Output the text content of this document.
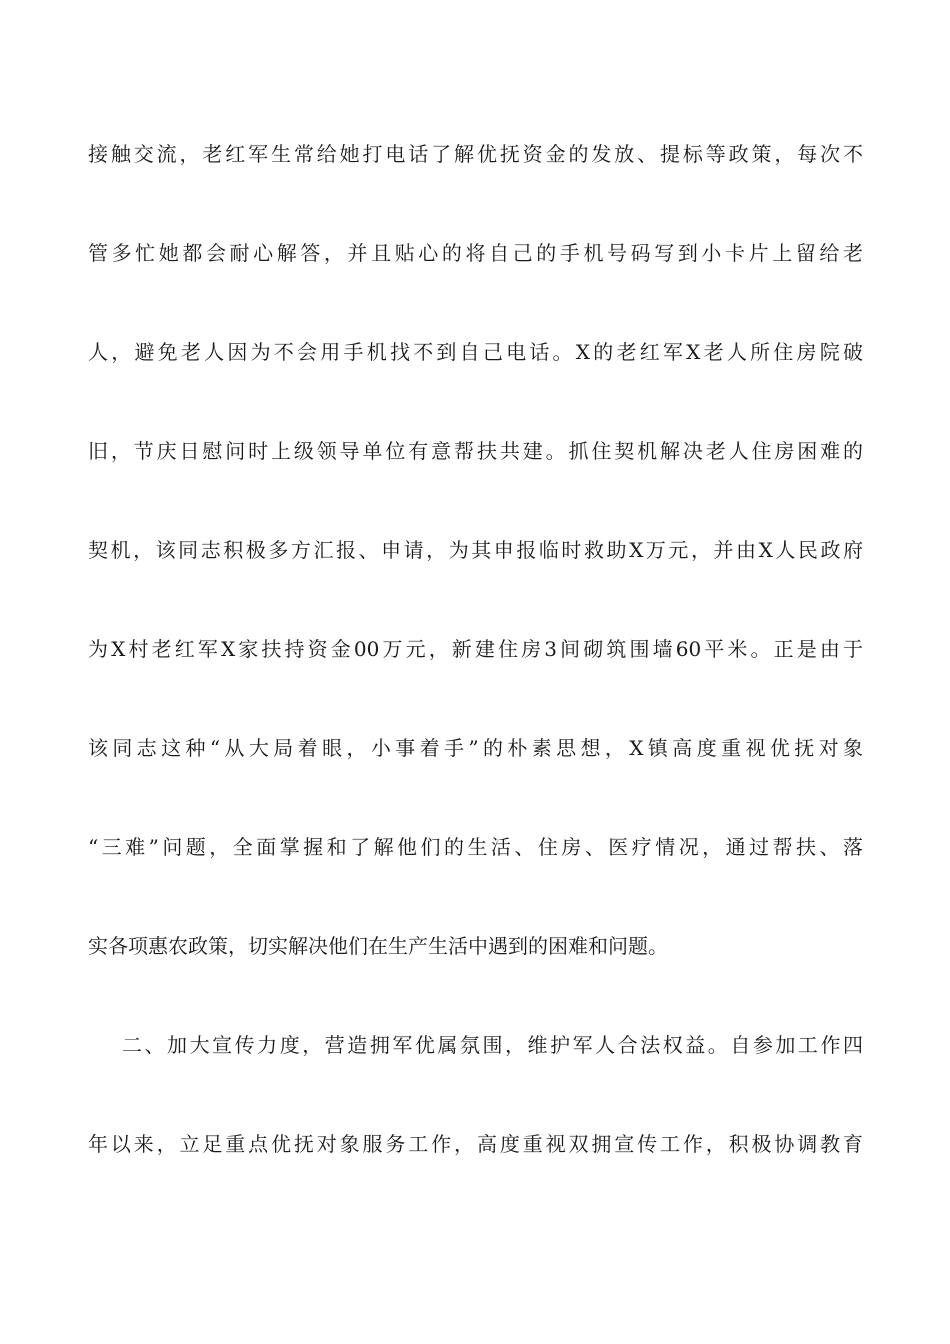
接触交流，老红军生常给她打电话了解优抚资金的发放、提标等政策，每次不
管多忙她都会耐心解答，并且贴心的将自己的手机号码写到小卡片上留给老
人，避免老人因为不会用手机找不到自己电话。X的老红军X老人所住房院破
旧，节庆日慰问时上级领导单位有意帮扶共建。抓住契机解决老人住房困难的
契机，该同志积极多方汇报、申请，为其申报临时救助X万元，并由X人民政府
为X村老红军X家扶持资金00万元，新建住房3间砌筑围墙60平米。正是由于
该同志这种“从大局着眼，小事着手”的朴素思想，X镇高度重视优抚对象
“三难”问题，全面掌握和了解他们的生活、住房、医疗情况，通过帮扶、落
实各项惠农政策，切实解决他们在生产生活中遇到的困难和问题。
二、加大宣传力度，营造拥军优属氛围，维护军人合法权益。自参加工作四
年以来，立足重点优抚对象服务工作，高度重视双拥宣传工作，积极协调教育
